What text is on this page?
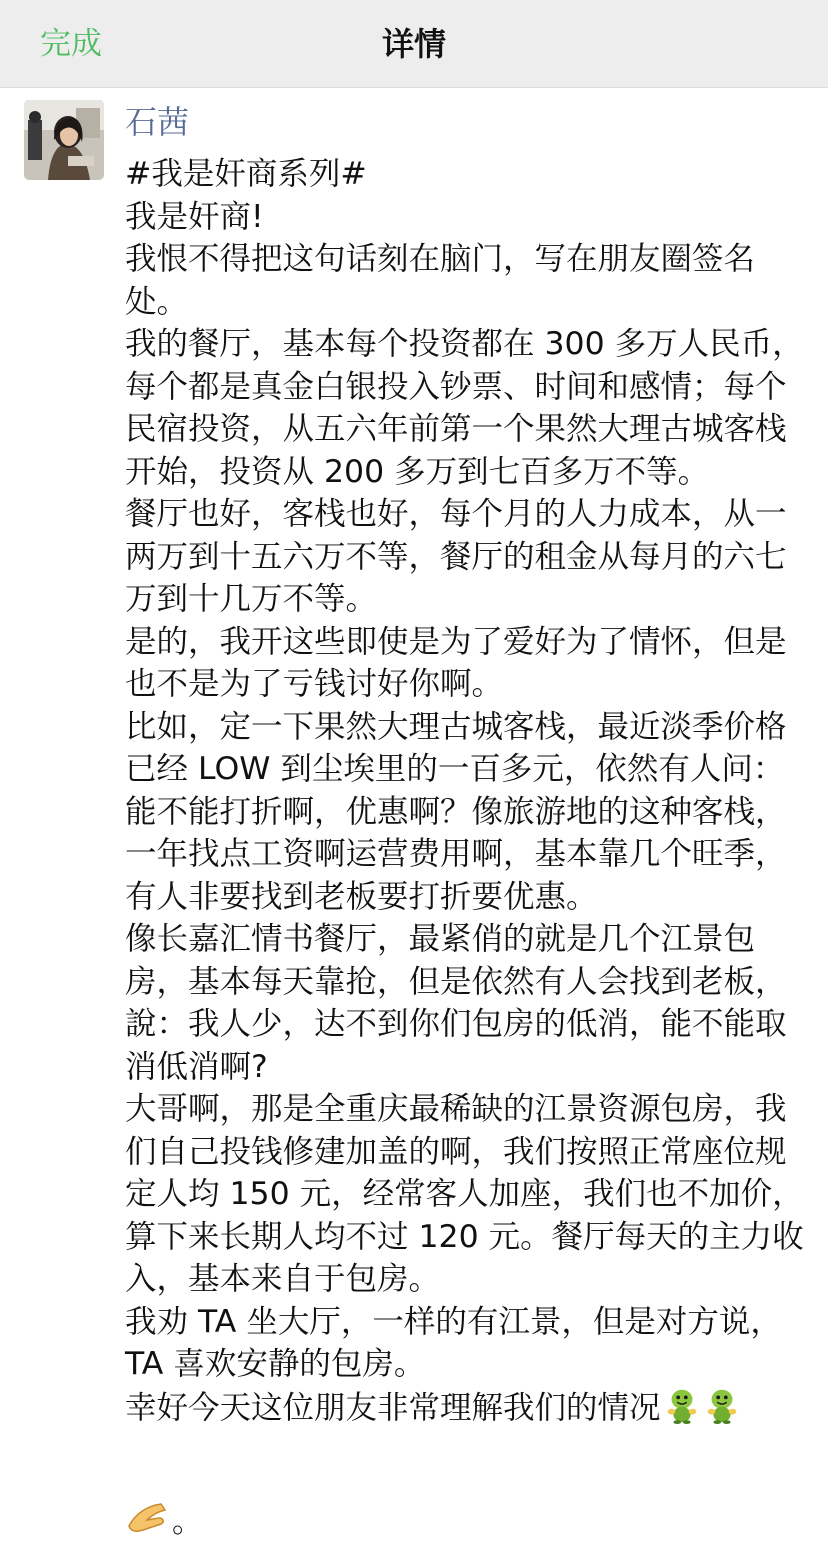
完成	详情
石茜
#我是奸商系列#
我是奸商!
我恨不得把这句话刻在脑门，写在朋友圈签名处。
我的餐厅，基本每个投资都在 300 多万人民币，每个都是真金白银投入钞票、时间和感情；每个民宿投资，从五六年前第一个果然大理古城客栈开始，投资从 200 多万到七百多万不等。
餐厅也好，客栈也好，每个月的人力成本，从一两万到十五六万不等，餐厅的租金从每月的六七万到十几万不等。
是的，我开这些即使是为了爱好为了情怀，但是也不是为了亏钱讨好你啊。
比如，定一下果然大理古城客栈，最近淡季价格已经 LOW 到尘埃里的一百多元，依然有人问：能不能打折啊，优惠啊？像旅游地的这种客栈，一年找点工资啊运营费用啊，基本靠几个旺季，有人非要找到老板要打折要优惠。
像长嘉汇情书餐厅，最紧俏的就是几个江景包房，基本每天靠抢，但是依然有人会找到老板，說：我人少，达不到你们包房的低消，能不能取消低消啊?
大哥啊，那是全重庆最稀缺的江景资源包房，我们自己投钱修建加盖的啊，我们按照正常座位规定人均 150 元，经常客人加座，我们也不加价，算下来长期人均不过 120 元。餐厅每天的主力收入，基本来自于包房。
我劝 TA 坐大厅，一样的有江景，但是对方说，TA 喜欢安静的包房。
幸好今天这位朋友非常理解我们的情况
。
